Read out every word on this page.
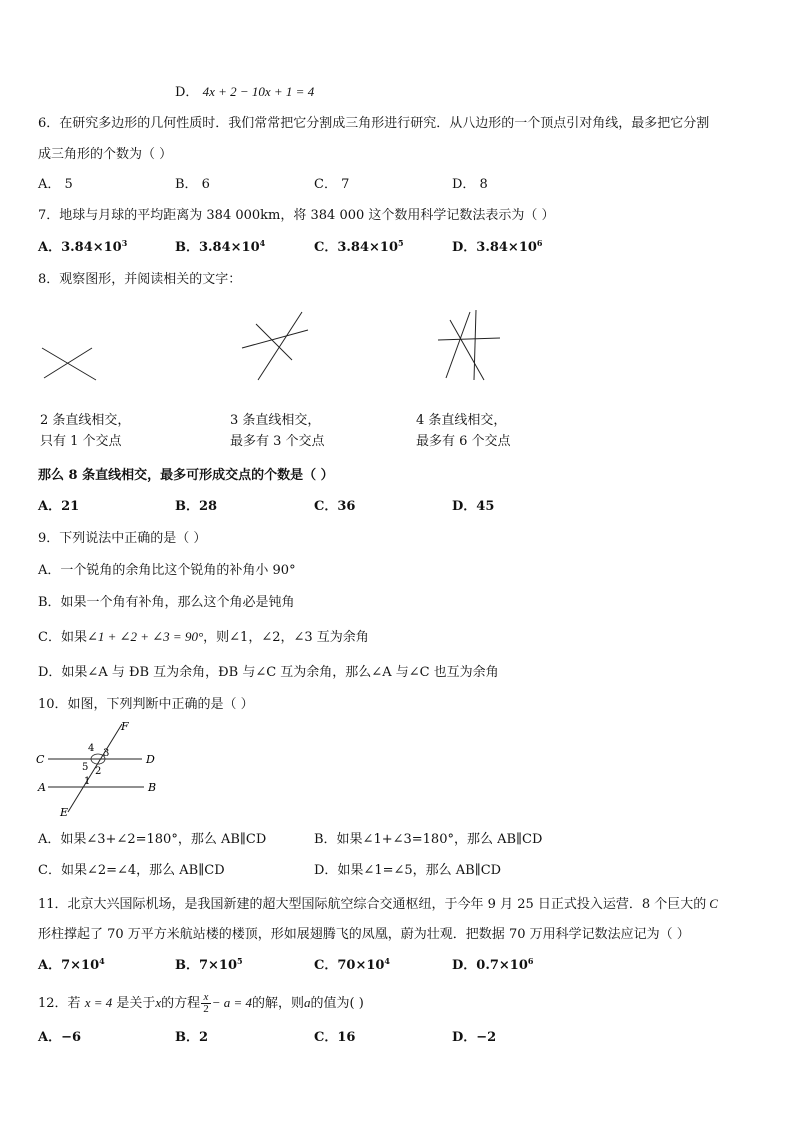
D． 4x + 2 − 10x + 1 = 4
6．在研究多边形的几何性质时．我们常常把它分割成三角形进行研究．从八边形的一个顶点引对角线，最多把它分割
成三角形的个数为（ ）
A． 5	B． 6	C． 7	D． 8
7．地球与月球的平均距离为 384 000km，将 384 000 这个数用科学记数法表示为（ ）
A．$3.84\times 10^3$	B．$3.84\times 10^4$	C．$3.84\times 10^5$	D．$3.84\times 10^6$
8．观察图形，并阅读相关的文字：
2 条直线相交，
只有 1 个交点
3 条直线相交，
最多有 3 个交点
4 条直线相交，
最多有 6 个交点
那么 8 条直线相交，最多可形成交点的个数是（ ）
A．21	B．28	C．36	D．45
9．下列说法中正确的是（ ）
A．一个锐角的余角比这个锐角的补角小 90°
B．如果一个角有补角，那么这个角必是钝角
C．如果∠1 + ∠2 + ∠3 = 90°，则∠1，∠2，∠3 互为余角
D．如果∠A 与 ÐB 互为余角，ÐB 与∠C 互为余角，那么∠A 与∠C 也互为余角
10．如图，下列判断中正确的是（ ）
F
C	D
A	B
E
4 3
5 2
1
A．如果∠3+∠2=180°，那么 AB∥CD	B．如果∠1+∠3=180°，那么 AB∥CD
C．如果∠2=∠4，那么 AB∥CD	D．如果∠1=∠5，那么 AB∥CD
11．北京大兴国际机场，是我国新建的超大型国际航空综合交通枢纽，于今年 9 月 25 日正式投入运营．8 个巨大的 C
形柱撑起了 70 万平方米航站楼的楼顶，形如展翅腾飞的凤凰，蔚为壮观．把数据 70 万用科学记数法应记为（ ）
A．$7\times 10^4$	B．$7\times 10^5$	C．$70\times 10^4$	D．$0.7\times 10^6$
12．若 x = 4 是关于x的方程 $\frac{x}{2} - a = 4$的解，则a的值为( )
A．−6	B．2	C．16	D．−2
